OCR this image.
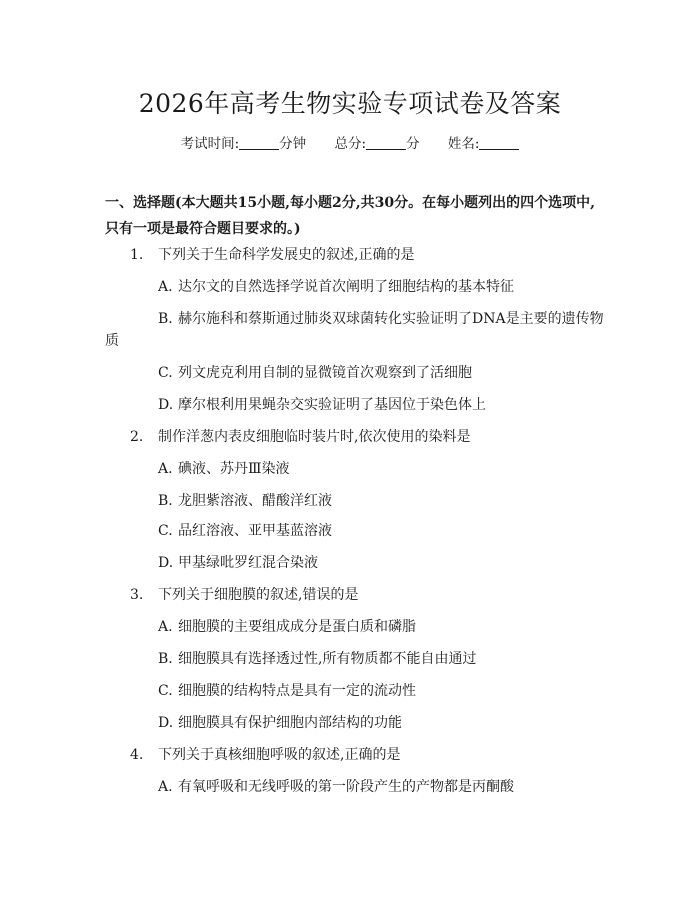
2026年高考生物实验专项试卷及答案
考试时间:	分钟 总分:	分 姓名:
一、选择题(本大题共15小题,每小题2分,共30分。在每小题列出的四个选项中,只有一项是最符合题目要求的。)
1. 下列关于生命科学发展史的叙述,正确的是
A. 达尔文的自然选择学说首次阐明了细胞结构的基本特征
B. 赫尔施科和蔡斯通过肺炎双球菌转化实验证明了DNA是主要的遗传物
质
C. 列文虎克利用自制的显微镜首次观察到了活细胞
D. 摩尔根利用果蝇杂交实验证明了基因位于染色体上
2. 制作洋葱内表皮细胞临时装片时,依次使用的染料是
A. 碘液、苏丹Ⅲ染液
B. 龙胆紫溶液、醋酸洋红液
C. 品红溶液、亚甲基蓝溶液
D. 甲基绿吡罗红混合染液
3. 下列关于细胞膜的叙述,错误的是
A. 细胞膜的主要组成成分是蛋白质和磷脂
B. 细胞膜具有选择透过性,所有物质都不能自由通过
C. 细胞膜的结构特点是具有一定的流动性
D. 细胞膜具有保护细胞内部结构的功能
4. 下列关于真核细胞呼吸的叙述,正确的是
A. 有氧呼吸和无线呼吸的第一阶段产生的产物都是丙酮酸
